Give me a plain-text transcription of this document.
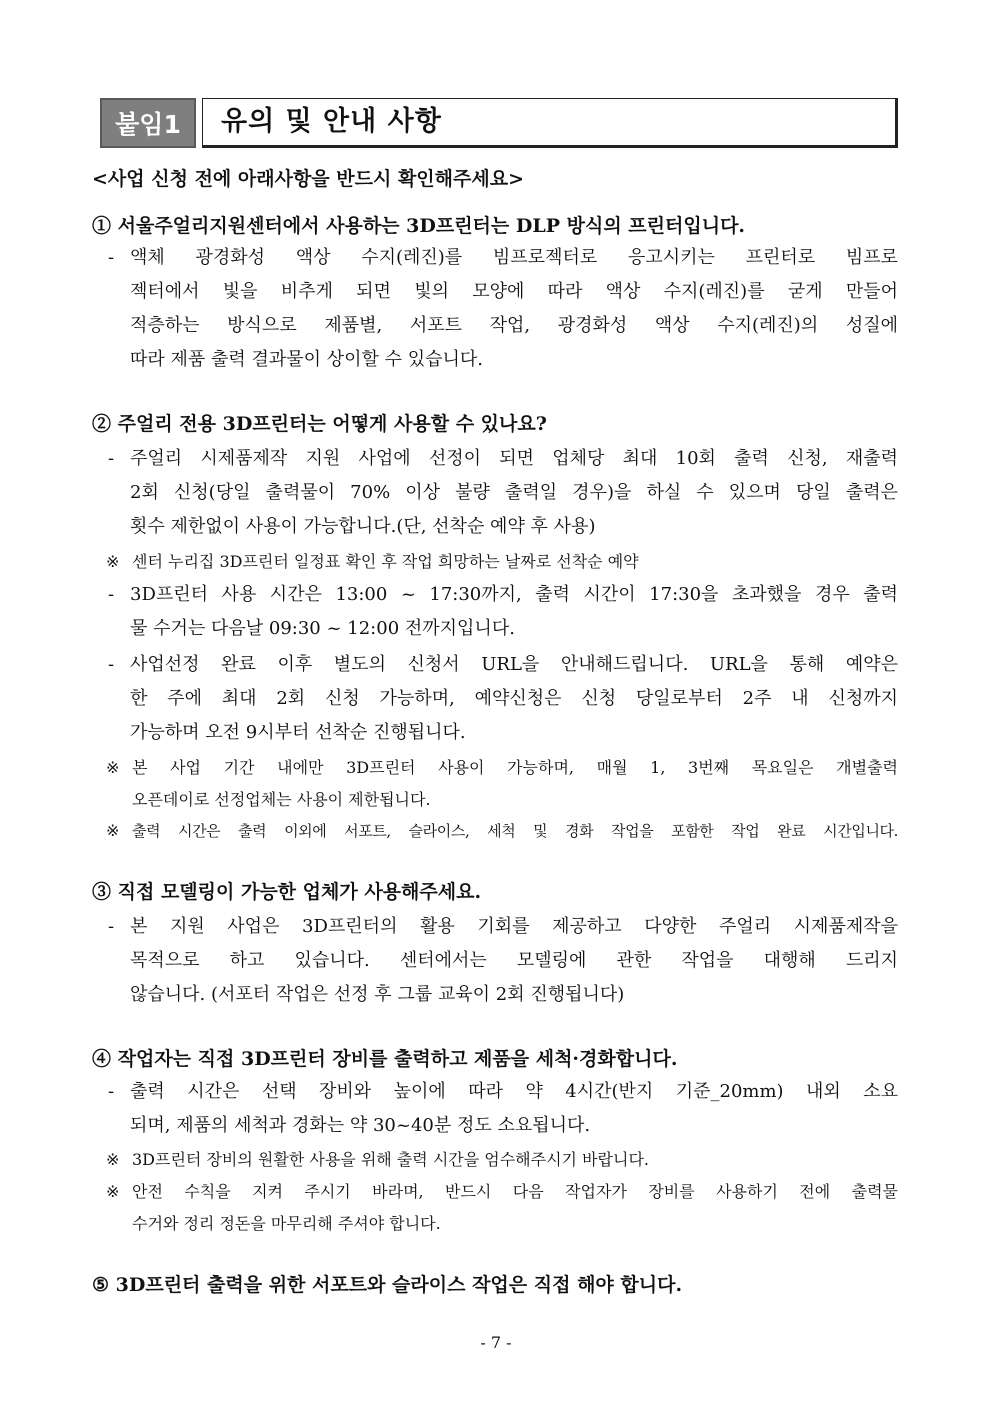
붙임1	유의 및 안내 사항
<사업 신청 전에 아래사항을 반드시 확인해주세요>
① 서울주얼리지원센터에서 사용하는 3D프린터는 DLP 방식의 프린터입니다.
- 액체 광경화성 액상 수지(레진)를 빔프로젝터로 응고시키는 프린터로 빔프로
젝터에서 빛을 비추게 되면 빛의 모양에 따라 액상 수지(레진)를 굳게 만들어
적층하는 방식으로 제품별, 서포트 작업, 광경화성 액상 수지(레진)의 성질에
따라 제품 출력 결과물이 상이할 수 있습니다.
② 주얼리 전용 3D프린터는 어떻게 사용할 수 있나요?
- 주얼리 시제품제작 지원 사업에 선정이 되면 업체당 최대 10회 출력 신청, 재출력
2회 신청(당일 출력물이 70% 이상 불량 출력일 경우)을 하실 수 있으며 당일 출력은
횟수 제한없이 사용이 가능합니다.(단, 선착순 예약 후 사용)
※ 센터 누리집 3D프린터 일정표 확인 후 작업 희망하는 날짜로 선착순 예약
- 3D프린터 사용 시간은 13:00 ~ 17:30까지, 출력 시간이 17:30을 초과했을 경우 출력
물 수거는 다음날 09:30 ~ 12:00 전까지입니다.
- 사업선정 완료 이후 별도의 신청서 URL을 안내해드립니다. URL을 통해 예약은
한 주에 최대 2회 신청 가능하며, 예약신청은 신청 당일로부터 2주 내 신청까지
가능하며 오전 9시부터 선착순 진행됩니다.
※ 본 사업 기간 내에만 3D프린터 사용이 가능하며, 매월 1, 3번째 목요일은 개별출력
오픈데이로 선정업체는 사용이 제한됩니다.
※ 출력 시간은 출력 이외에 서포트, 슬라이스, 세척 및 경화 작업을 포함한 작업 완료 시간입니다.
③ 직접 모델링이 가능한 업체가 사용해주세요.
- 본 지원 사업은 3D프린터의 활용 기회를 제공하고 다양한 주얼리 시제품제작을
목적으로 하고 있습니다. 센터에서는 모델링에 관한 작업을 대행해 드리지
않습니다. (서포터 작업은 선정 후 그룹 교육이 2회 진행됩니다)
④ 작업자는 직접 3D프린터 장비를 출력하고 제품을 세척·경화합니다.
- 출력 시간은 선택 장비와 높이에 따라 약 4시간(반지 기준_20mm) 내외 소요
되며, 제품의 세척과 경화는 약 30~40분 정도 소요됩니다.
※ 3D프린터 장비의 원활한 사용을 위해 출력 시간을 엄수해주시기 바랍니다.
※ 안전 수칙을 지켜 주시기 바라며, 반드시 다음 작업자가 장비를 사용하기 전에 출력물
수거와 정리 정돈을 마무리해 주셔야 합니다.
⑤ 3D프린터 출력을 위한 서포트와 슬라이스 작업은 직접 해야 합니다.
- 7 -
